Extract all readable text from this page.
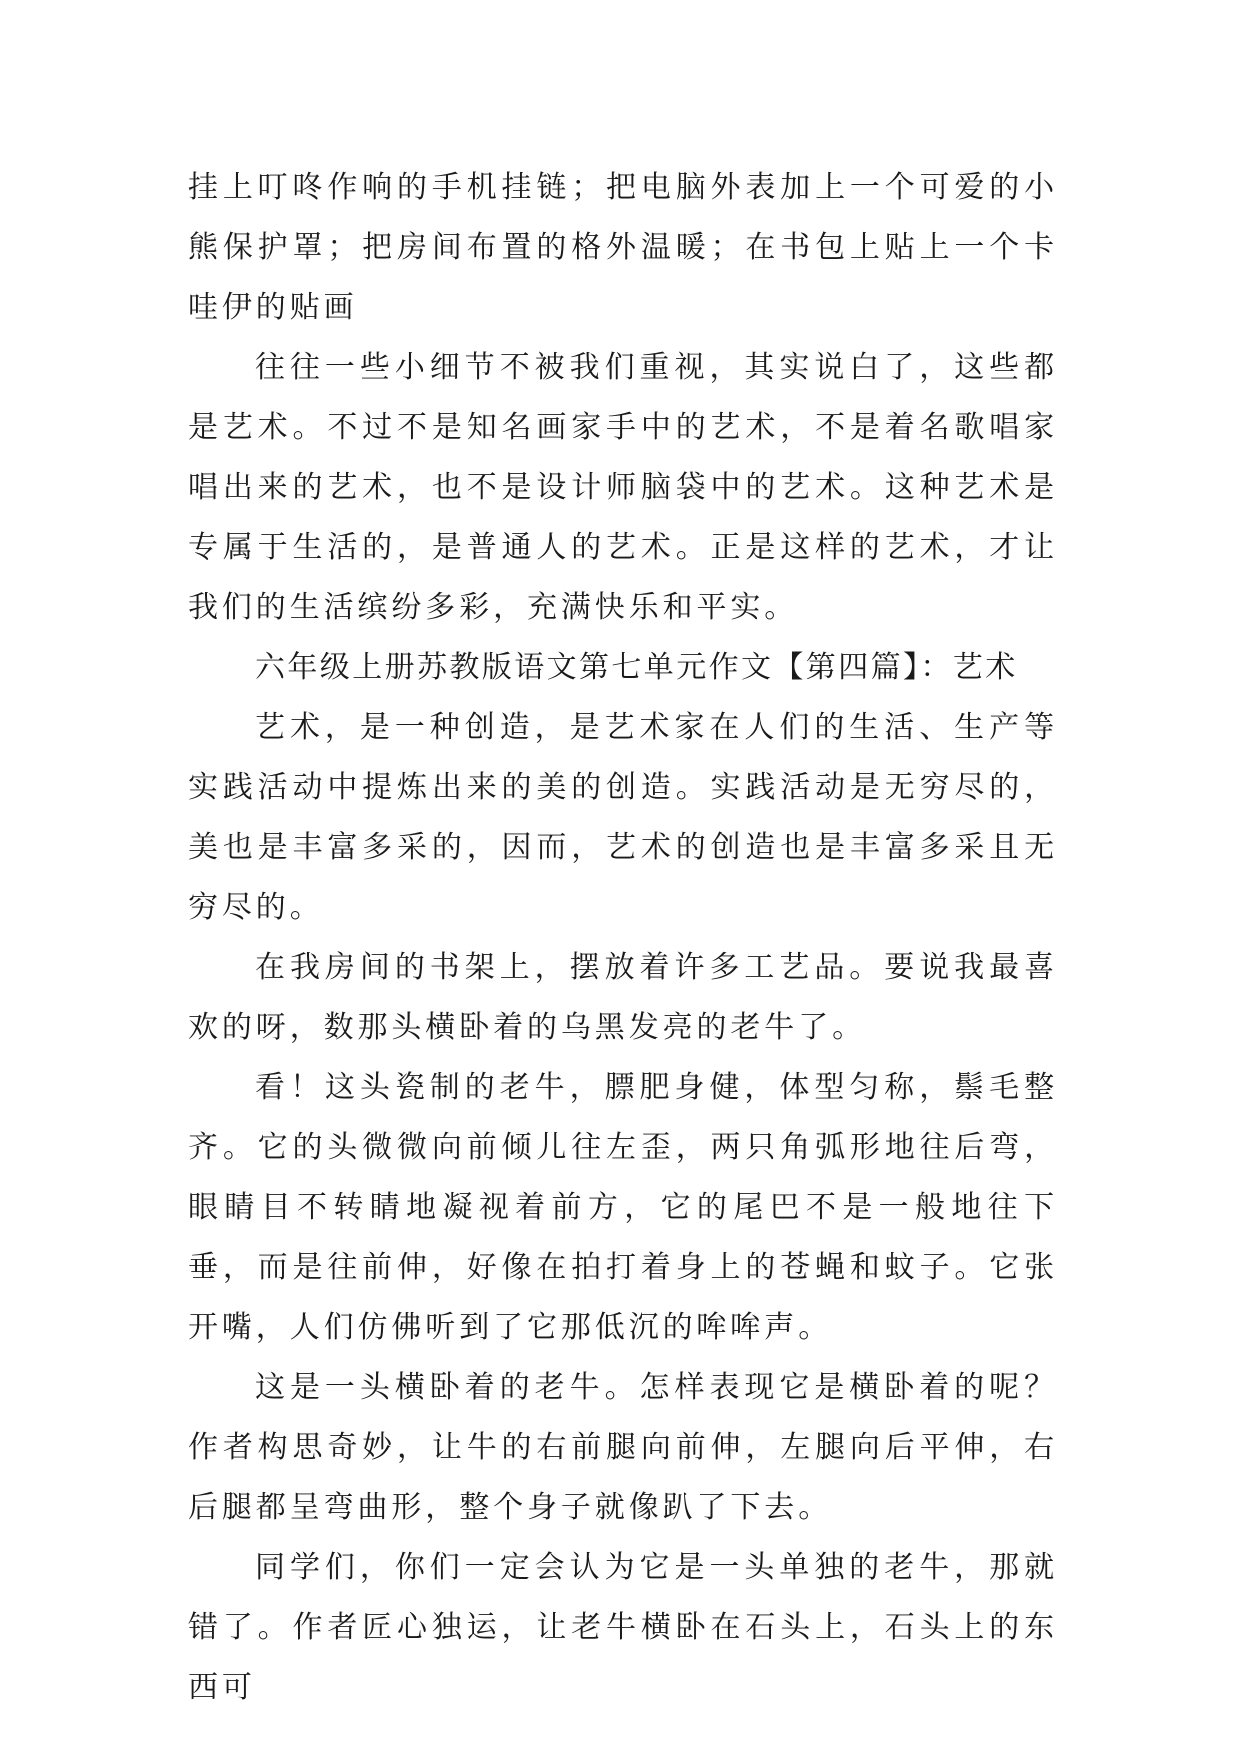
挂上叮咚作响的手机挂链；把电脑外表加上一个可爱的小熊保护罩；把房间布置的格外温暖；在书包上贴上一个卡哇伊的贴画

往往一些小细节不被我们重视，其实说白了，这些都是艺术。不过不是知名画家手中的艺术，不是着名歌唱家唱出来的艺术，也不是设计师脑袋中的艺术。这种艺术是专属于生活的，是普通人的艺术。正是这样的艺术，才让我们的生活缤纷多彩，充满快乐和平实。

六年级上册苏教版语文第七单元作文【第四篇】：艺术

艺术，是一种创造，是艺术家在人们的生活、生产等实践活动中提炼出来的美的创造。实践活动是无穷尽的，美也是丰富多采的，因而，艺术的创造也是丰富多采且无穷尽的。

在我房间的书架上，摆放着许多工艺品。要说我最喜欢的呀，数那头横卧着的乌黑发亮的老牛了。

看！这头瓷制的老牛，膘肥身健，体型匀称，鬃毛整齐。它的头微微向前倾儿往左歪，两只角弧形地往后弯，眼睛目不转睛地凝视着前方，它的尾巴不是一般地往下垂，而是往前伸，好像在拍打着身上的苍蝇和蚊子。它张开嘴，人们仿佛听到了它那低沉的哞哞声。

这是一头横卧着的老牛。怎样表现它是横卧着的呢？作者构思奇妙，让牛的右前腿向前伸，左腿向后平伸，右后腿都呈弯曲形，整个身子就像趴了下去。

同学们，你们一定会认为它是一头单独的老牛，那就错了。作者匠心独运，让老牛横卧在石头上，石头上的东西可
